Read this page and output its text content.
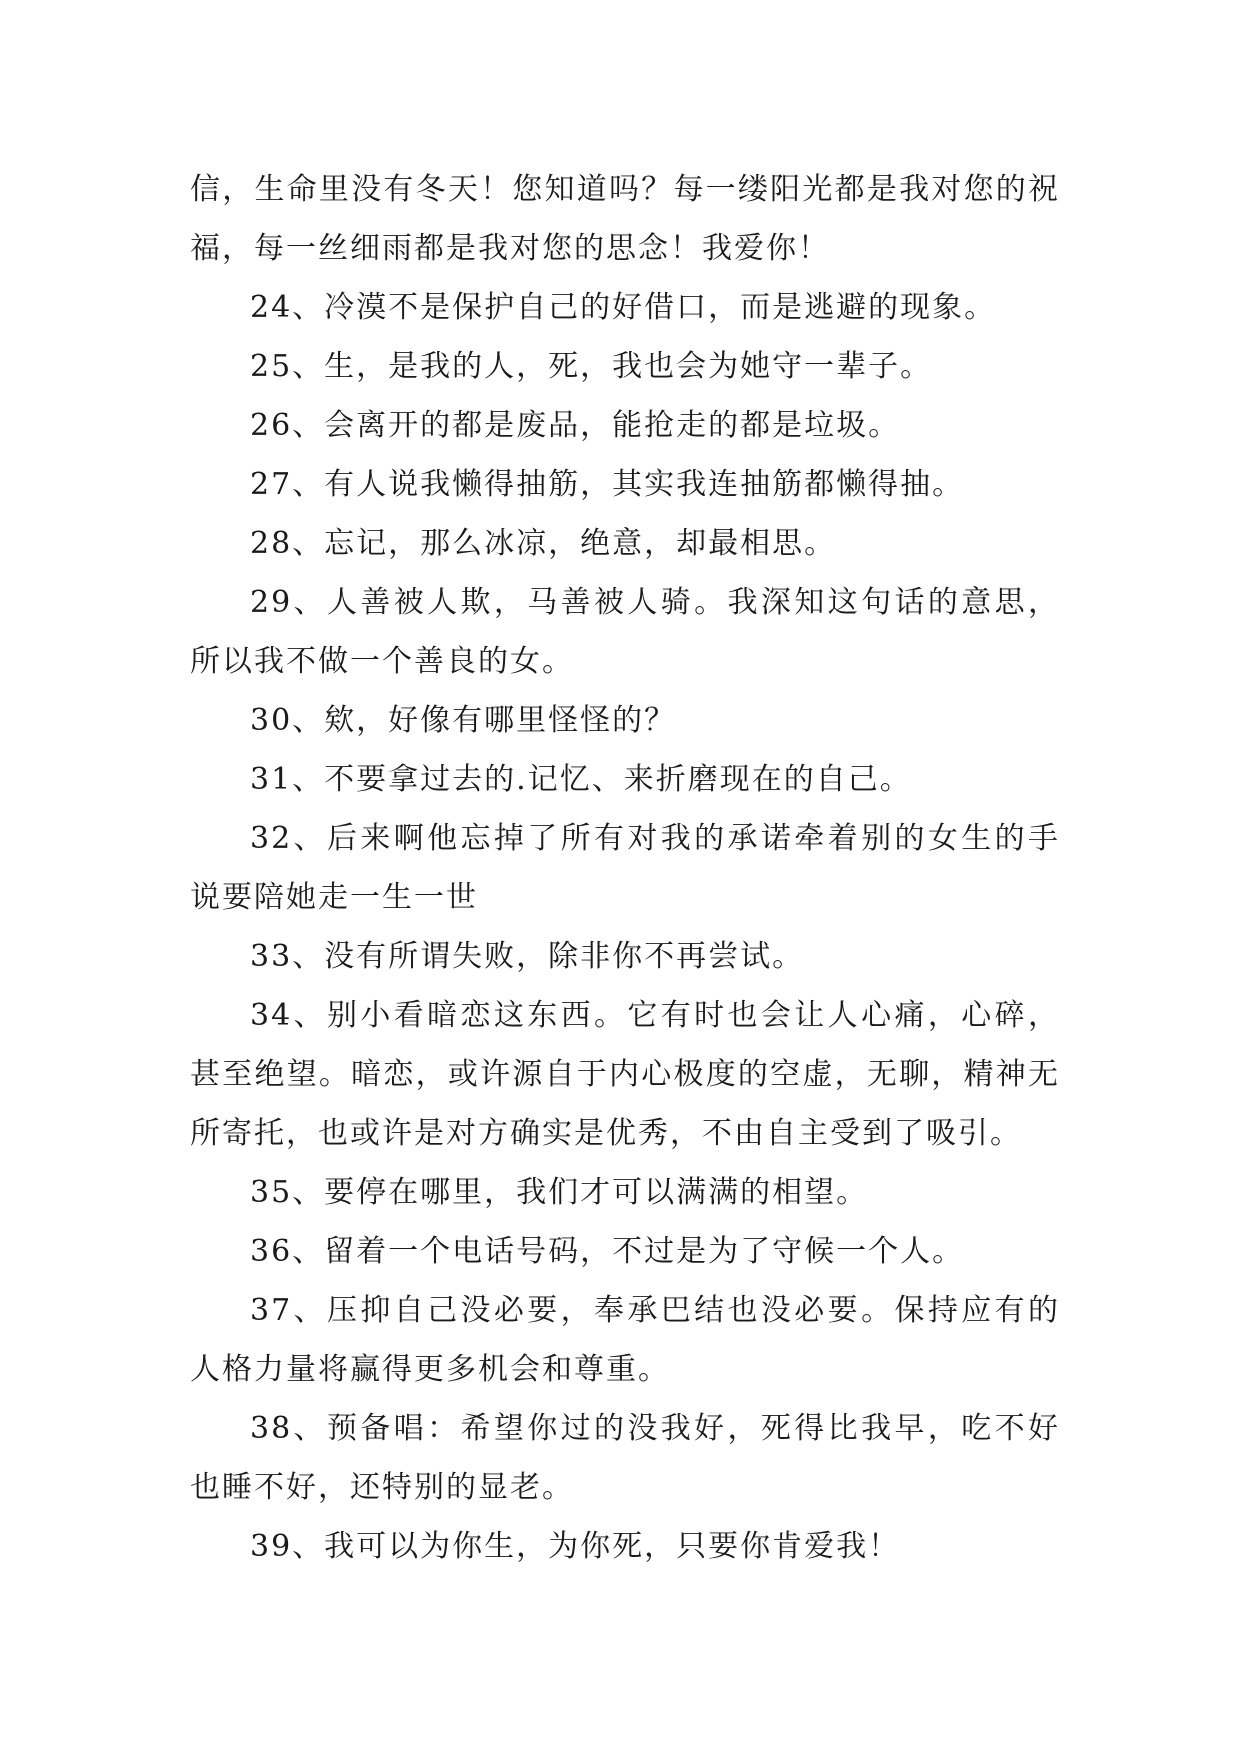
信，生命里没有冬天！您知道吗？每一缕阳光都是我对您的祝福，每一丝细雨都是我对您的思念！我爱你！

24、冷漠不是保护自己的好借口，而是逃避的现象。

25、生，是我的人，死，我也会为她守一辈子。

26、会离开的都是废品，能抢走的都是垃圾。

27、有人说我懒得抽筋，其实我连抽筋都懒得抽。

28、忘记，那么冰凉，绝意，却最相思。

29、人善被人欺，马善被人骑。我深知这句话的意思，所以我不做一个善良的女。

30、欸，好像有哪里怪怪的？

31、不要拿过去的.记忆、来折磨现在的自己。

32、后来啊他忘掉了所有对我的承诺牵着别的女生的手说要陪她走一生一世

33、没有所谓失败，除非你不再尝试。

34、别小看暗恋这东西。它有时也会让人心痛，心碎，甚至绝望。暗恋，或许源自于内心极度的空虚，无聊，精神无所寄托，也或许是对方确实是优秀，不由自主受到了吸引。

35、要停在哪里，我们才可以满满的相望。

36、留着一个电话号码，不过是为了守候一个人。

37、压抑自己没必要，奉承巴结也没必要。保持应有的人格力量将赢得更多机会和尊重。

38、预备唱：希望你过的没我好，死得比我早，吃不好也睡不好，还特别的显老。

39、我可以为你生，为你死，只要你肯爱我！
